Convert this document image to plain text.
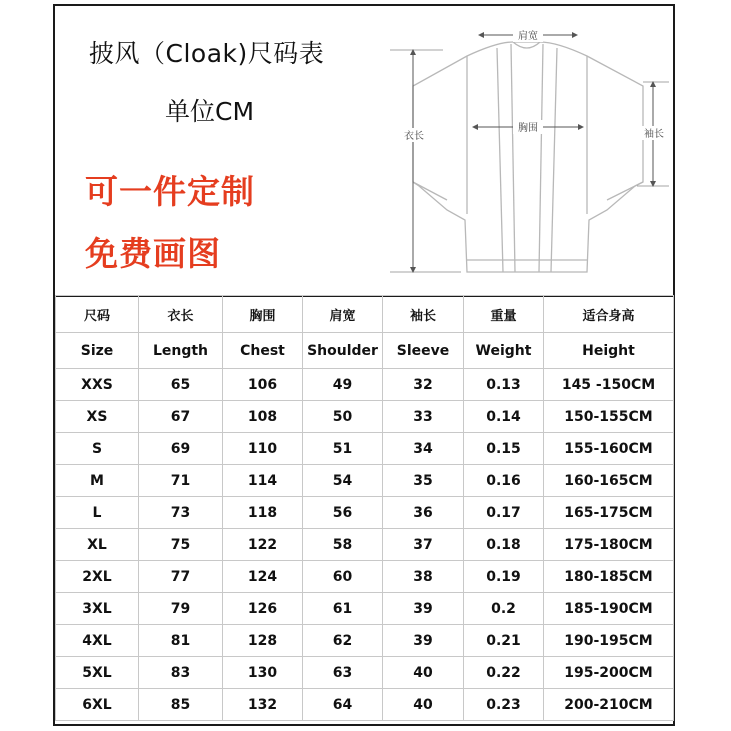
披风（Cloak)尺码表
单位CM
可一件定制
免费画图
肩宽
胸围
衣长	袖长
尺码	衣长	胸围	肩宽	袖长	重量	适合身高
Size	Length	Chest	Shoulder	Sleeve	Weight	Height
XXS	65	106	49	32	0.13	145 -150CM
XS	67	108	50	33	0.14	150-155CM
S	69	110	51	34	0.15	155-160CM
M	71	114	54	35	0.16	160-165CM
L	73	118	56	36	0.17	165-175CM
XL	75	122	58	37	0.18	175-180CM
2XL	77	124	60	38	0.19	180-185CM
3XL	79	126	61	39	0.2	185-190CM
4XL	81	128	62	39	0.21	190-195CM
5XL	83	130	63	40	0.22	195-200CM
6XL	85	132	64	40	0.23	200-210CM
